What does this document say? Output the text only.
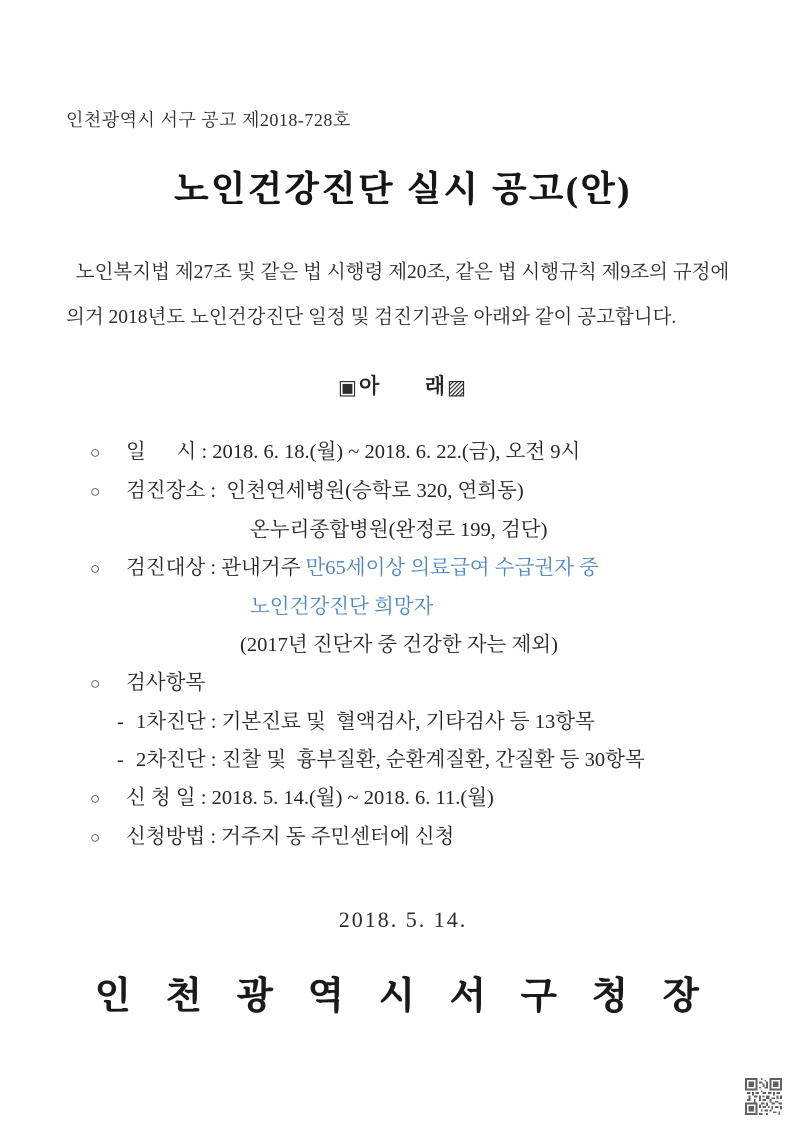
인천광역시 서구 공고 제2018-728호
노인건강진단 실시 공고(안)

노인복지법 제27조 및 같은 법 시행령 제20조, 같은 법 시행규칙 제9조의 규정에
의거 2018년도 노인건강진단 일정 및 검진기관을 아래와 같이 공고합니다.

▣아      래▨
○ 일      시 : 2018. 6. 18.(월) ~ 2018. 6. 22.(금), 오전 9시
○ 검진장소 :  인천연세병원(승학로 320, 연희동)
온누리종합병원(완정로 199, 검단)
○ 검진대상 : 관내거주 만65세이상 의료급여 수급권자 중
노인건강진단 희망자
(2017년 진단자 중 건강한 자는 제외)
○ 검사항목
- 1차진단 : 기본진료 및  혈액검사, 기타검사 등 13항목
- 2차진단 : 진찰 및  흉부질환, 순환계질환, 간질환 등 30항목
○ 신 청 일 : 2018. 5. 14.(월) ~ 2018. 6. 11.(월)
○ 신청방법 : 거주지 동 주민센터에 신청
2018. 5. 14.
인 천 광 역 시 서 구 청 장
